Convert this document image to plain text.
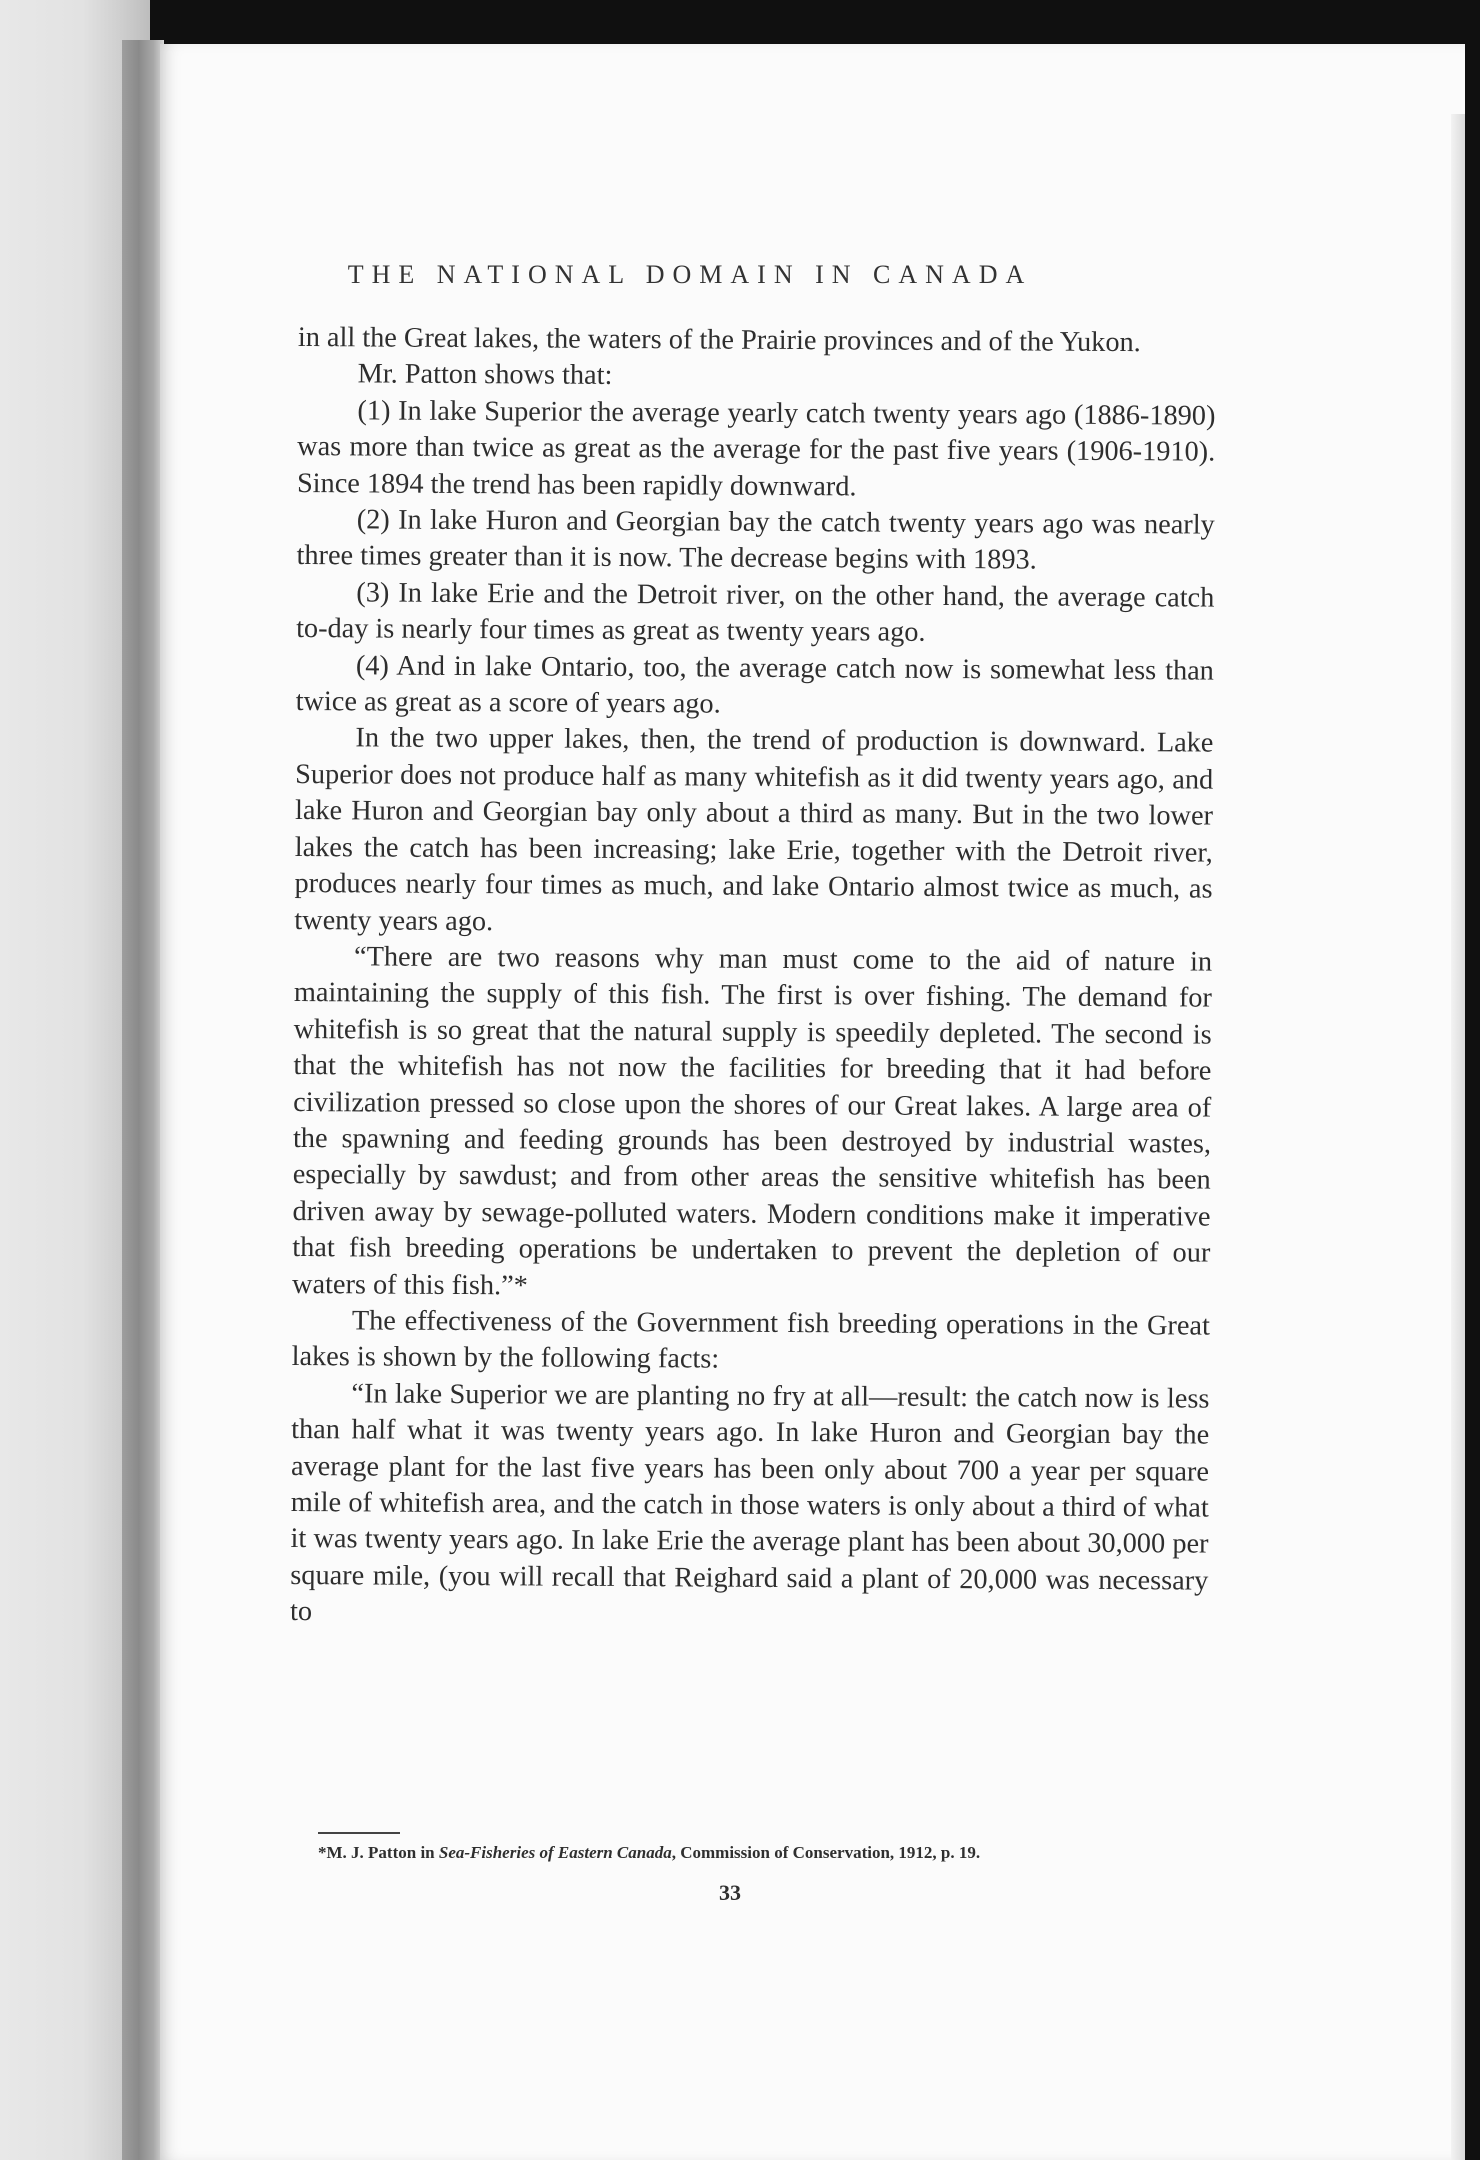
THE NATIONAL DOMAIN IN CANADA

in all the Great lakes, the waters of the Prairie provinces and of the Yukon.

Mr. Patton shows that:

(1) In lake Superior the average yearly catch twenty years ago (1886-1890) was more than twice as great as the average for the past five years (1906-1910). Since 1894 the trend has been rapidly downward.

(2) In lake Huron and Georgian bay the catch twenty years ago was nearly three times greater than it is now. The decrease begins with 1893.

(3) In lake Erie and the Detroit river, on the other hand, the average catch to-day is nearly four times as great as twenty years ago.

(4) And in lake Ontario, too, the average catch now is somewhat less than twice as great as a score of years ago.

In the two upper lakes, then, the trend of production is downward. Lake Superior does not produce half as many whitefish as it did twenty years ago, and lake Huron and Georgian bay only about a third as many. But in the two lower lakes the catch has been increasing; lake Erie, together with the Detroit river, produces nearly four times as much, and lake Ontario almost twice as much, as twenty years ago.

“There are two reasons why man must come to the aid of nature in maintaining the supply of this fish. The first is over fishing. The demand for whitefish is so great that the natural supply is speedily depleted. The second is that the whitefish has not now the facilities for breeding that it had before civilization pressed so close upon the shores of our Great lakes. A large area of the spawning and feeding grounds has been destroyed by industrial wastes, especially by sawdust; and from other areas the sensitive whitefish has been driven away by sewage-polluted waters. Modern conditions make it imperative that fish breeding operations be undertaken to prevent the depletion of our waters of this fish.”*

The effectiveness of the Government fish breeding operations in the Great lakes is shown by the following facts:

“In lake Superior we are planting no fry at all—result: the catch now is less than half what it was twenty years ago. In lake Huron and Georgian bay the average plant for the last five years has been only about 700 a year per square mile of whitefish area, and the catch in those waters is only about a third of what it was twenty years ago. In lake Erie the average plant has been about 30,000 per square mile, (you will recall that Reighard said a plant of 20,000 was necessary to

*M. J. Patton in Sea-Fisheries of Eastern Canada, Commission of Conservation, 1912, p. 19.
33
